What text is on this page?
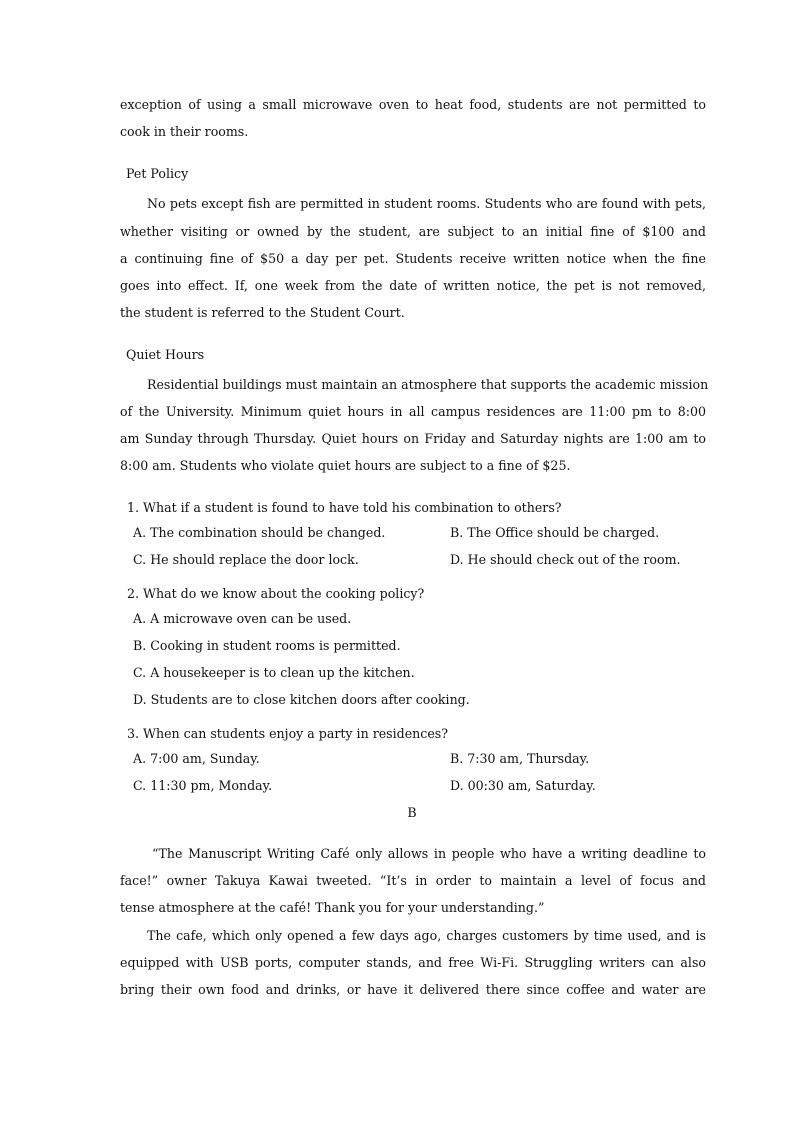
exception of using a small microwave oven to heat food, students are not permitted to
cook in their rooms.
Pet Policy
No pets except fish are permitted in student rooms. Students who are found with pets,
whether visiting or owned by the student, are subject to an initial fine of $100 and
a continuing fine of $50 a day per pet. Students receive written notice when the fine
goes into effect. If, one week from the date of written notice, the pet is not removed,
the student is referred to the Student Court.
Quiet Hours
Residential buildings must maintain an atmosphere that supports the academic mission
of the University. Minimum quiet hours in all campus residences are 11:00 pm to 8:00
am Sunday through Thursday. Quiet hours on Friday and Saturday nights are 1:00 am to
8:00 am. Students who violate quiet hours are subject to a fine of $25.
1. What if a student is found to have told his combination to others?
A. The combination should be changed.	B. The Office should be charged.
C. He should replace the door lock.	D. He should check out of the room.
2. What do we know about the cooking policy?
A. A microwave oven can be used.
B. Cooking in student rooms is permitted.
C. A housekeeper is to clean up the kitchen.
D. Students are to close kitchen doors after cooking.
3. When can students enjoy a party in residences?
A. 7:00 am, Sunday.	B. 7:30 am, Thursday.
C. 11:30 pm, Monday.	D. 00:30 am, Saturday.
B
“The Manuscript Writing Café only allows in people who have a writing deadline to
face!” owner Takuya Kawai tweeted. “It’s in order to maintain a level of focus and
tense atmosphere at the café! Thank you for your understanding.”
The cafe, which only opened a few days ago, charges customers by time used, and is
equipped with USB ports, computer stands, and free Wi-Fi. Struggling writers can also
bring their own food and drinks, or have it delivered there since coffee and water are
